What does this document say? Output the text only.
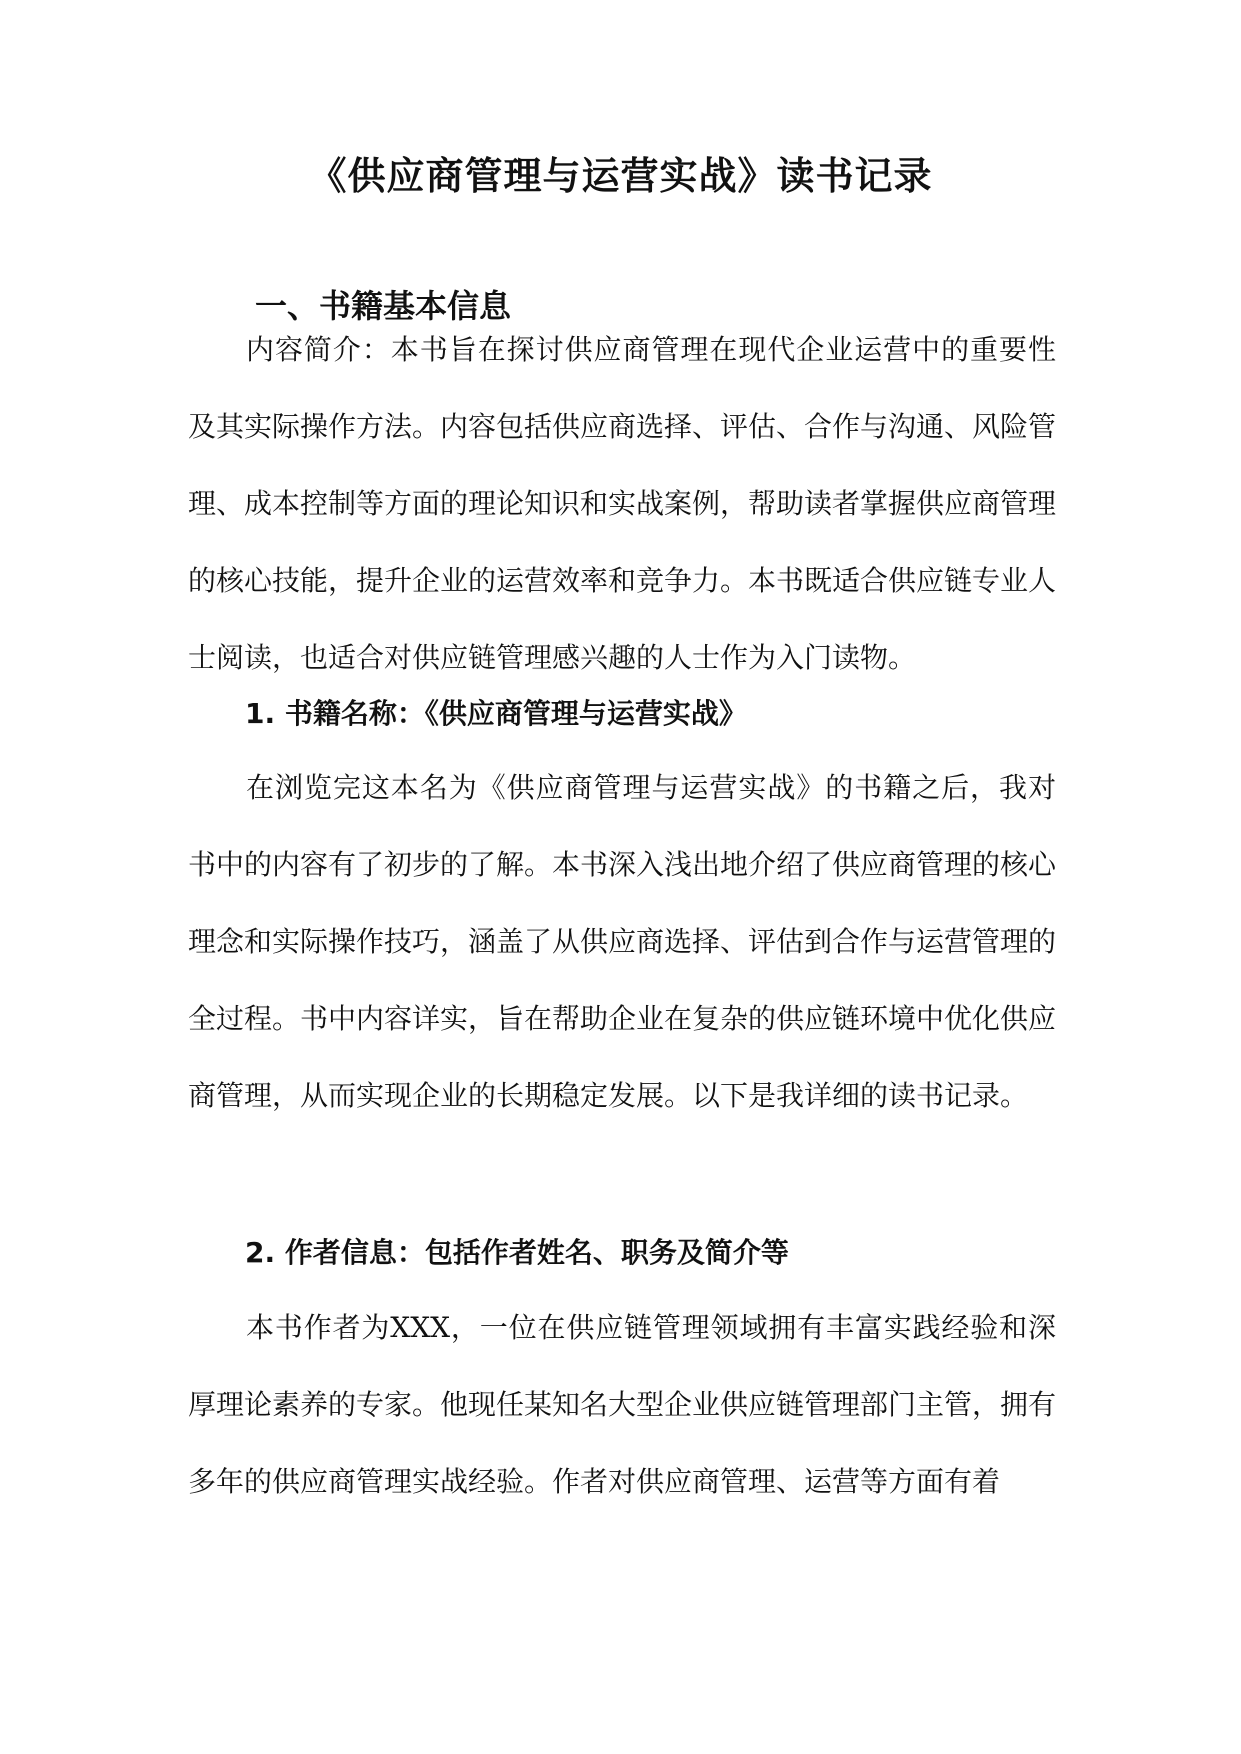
《供应商管理与运营实战》读书记录
一、书籍基本信息

内容简介：本书旨在探讨供应商管理在现代企业运营中的重要性及其实际操作方法。内容包括供应商选择、评估、合作与沟通、风险管理、成本控制等方面的理论知识和实战案例，帮助读者掌握供应商管理的核心技能，提升企业的运营效率和竞争力。本书既适合供应链专业人士阅读，也适合对供应链管理感兴趣的人士作为入门读物。

1. 书籍名称：《供应商管理与运营实战》

在浏览完这本名为《供应商管理与运营实战》的书籍之后，我对书中的内容有了初步的了解。本书深入浅出地介绍了供应商管理的核心理念和实际操作技巧，涵盖了从供应商选择、评估到合作与运营管理的全过程。书中内容详实，旨在帮助企业在复杂的供应链环境中优化供应商管理，从而实现企业的长期稳定发展。以下是我详细的读书记录。

2. 作者信息：包括作者姓名、职务及简介等

本书作者为XXX，一位在供应链管理领域拥有丰富实践经验和深厚理论素养的专家。他现任某知名大型企业供应链管理部门主管，拥有多年的供应商管理实战经验。作者对供应商管理、运营等方面有着
